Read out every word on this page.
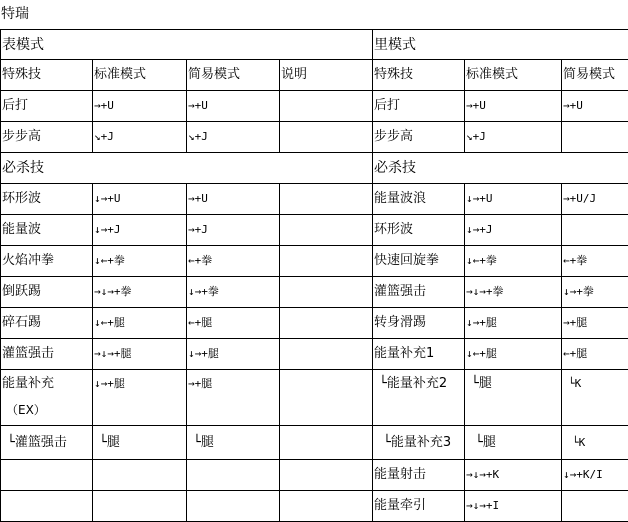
特瑞
表模式				里模式		
特殊技	标准模式	简易模式	说明	特殊技	标准模式	简易模式
后打	→+U	→+U		后打	→+U	→+U
步步高	↘+J	↘+J		步步高	↘+J	
必杀技				必杀技		
环形波	↓→+U	→+U		能量波浪	↓→+U	→+U/J
能量波	↓→+J	→+J		环形波	↓→+J	
火焰冲拳	↓←+拳	←+拳		快速回旋拳	↓←+拳	←+拳
倒跃踢	→↓→+拳	↓→+拳		灌篮强击	→↓→+拳	↓→+拳
碎石踢	↓←+腿	←+腿		转身滑踢	↓→+腿	→+腿
灌篮强击	→↓→+腿	↓→+腿		能量补充1	↓←+腿	←+腿
能量补充
（EX）	↓→+腿	→+腿		└能量补充2	└腿	└K
└灌篮强击	└腿	└腿		└能量补充3	└腿	└K
				能量射击	→↓→+K	↓→+K/I
				能量牵引	→↓→+I	
